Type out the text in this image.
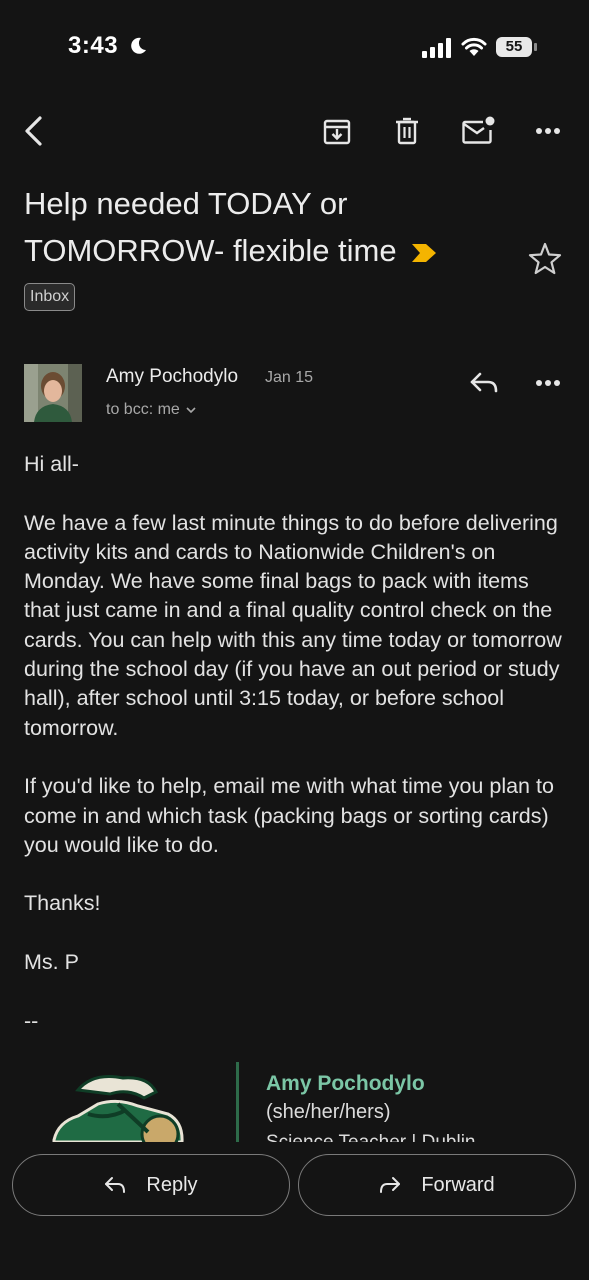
3:43	55
Help needed TODAY or TOMORROW- flexible time
Inbox
Amy Pochodylo Jan 15
to bcc: me

Hi all-

We have a few last minute things to do before delivering activity kits and cards to Nationwide Children's on Monday. We have some final bags to pack with items that just came in and a final quality control check on the cards. You can help with this any time today or tomorrow during the school day (if you have an out period or study hall), after school until 3:15 today, or before school tomorrow.

If you'd like to help, email me with what time you plan to come in and which task (packing bags or sorting cards) you would like to do.

Thanks!

Ms. P

--

Amy Pochodylo
(she/her/hers)
Reply	Forward
